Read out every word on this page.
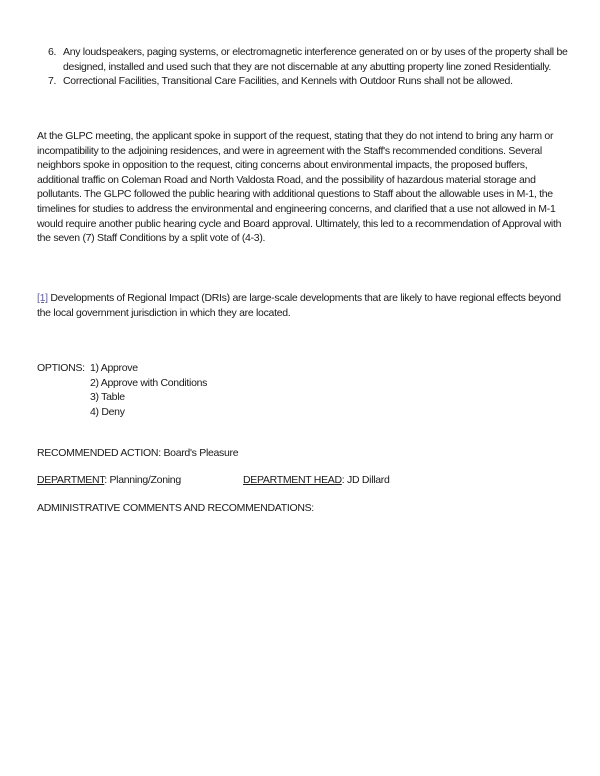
6. Any loudspeakers, paging systems, or electromagnetic interference generated on or by uses of the property shall be designed, installed and used such that they are not discernable at any abutting property line zoned Residentially.
7. Correctional Facilities, Transitional Care Facilities, and Kennels with Outdoor Runs shall not be allowed.
At the GLPC meeting, the applicant spoke in support of the request, stating that they do not intend to bring any harm or incompatibility to the adjoining residences, and were in agreement with the Staff's recommended conditions. Several neighbors spoke in opposition to the request, citing concerns about environmental impacts, the proposed buffers, additional traffic on Coleman Road and North Valdosta Road, and the possibility of hazardous material storage and pollutants. The GLPC followed the public hearing with additional questions to Staff about the allowable uses in M-1, the timelines for studies to address the environmental and engineering concerns, and clarified that a use not allowed in M-1 would require another public hearing cycle and Board approval. Ultimately, this led to a recommendation of Approval with the seven (7) Staff Conditions by a split vote of (4-3).
[1] Developments of Regional Impact (DRIs) are large-scale developments that are likely to have regional effects beyond the local government jurisdiction in which they are located.
OPTIONS: 1) Approve
2) Approve with Conditions
3) Table
4) Deny
RECOMMENDED ACTION: Board's Pleasure
DEPARTMENT: Planning/Zoning	DEPARTMENT HEAD: JD Dillard
ADMINISTRATIVE COMMENTS AND RECOMMENDATIONS:
